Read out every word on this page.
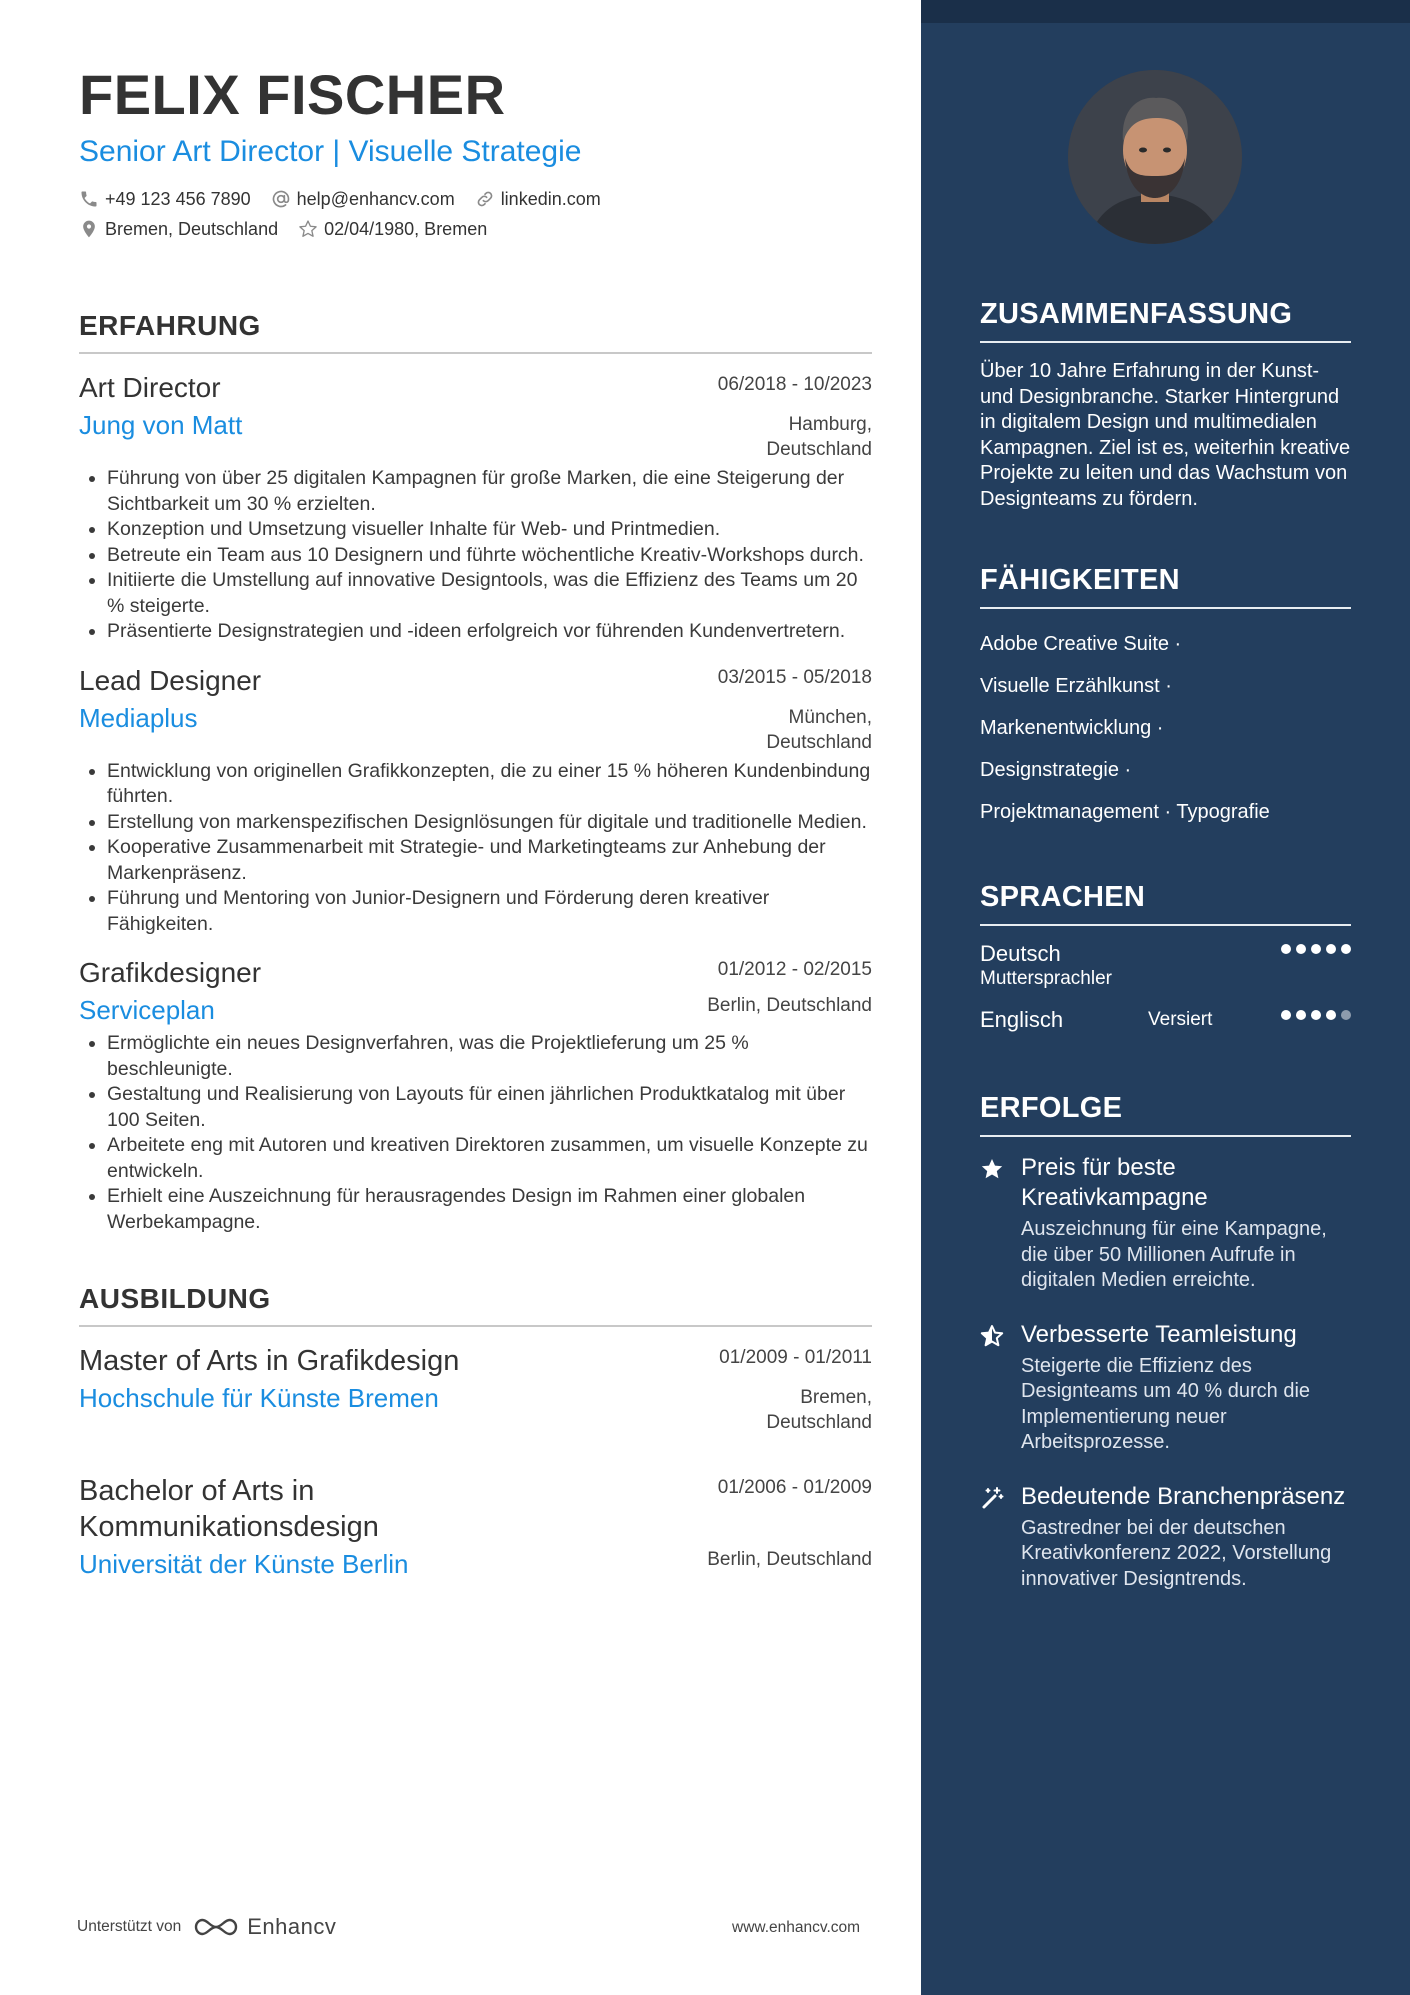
ZUSAMMENFASSUNG
Über 10 Jahre Erfahrung in der Kunst- und Designbranche. Starker Hintergrund in digitalem Design und multimedialen Kampagnen. Ziel ist es, weiterhin kreative Projekte zu leiten und das Wachstum von Designteams zu fördern.
FÄHIGKEITEN
Adobe Creative Suite ·
Visuelle Erzählkunst ·
Markenentwicklung ·
Designstrategie ·
Projektmanagement · Typografie
SPRACHEN
Deutsch
Muttersprachler
Englisch	Versiert
ERFOLGE
Preis für beste Kreativkampagne
Auszeichnung für eine Kampagne, die über 50 Millionen Aufrufe in digitalen Medien erreichte.
Verbesserte Teamleistung
Steigerte die Effizienz des Designteams um 40 % durch die Implementierung neuer Arbeitsprozesse.
Bedeutende Branchenpräsenz
Gastredner bei der deutschen Kreativkonferenz 2022, Vorstellung innovativer Designtrends.
FELIX FISCHER
Senior Art Director | Visuelle Strategie
+49 123 456 7890	help@enhancv.com	linkedin.com
Bremen, Deutschland	02/04/1980, Bremen
ERFAHRUNG
Art Director	06/2018 - 10/2023
Jung von Matt	Hamburg,
Deutschland
• Führung von über 25 digitalen Kampagnen für große Marken, die eine Steigerung der Sichtbarkeit um 30 % erzielten.
• Konzeption und Umsetzung visueller Inhalte für Web- und Printmedien.
• Betreute ein Team aus 10 Designern und führte wöchentliche Kreativ-Workshops durch.
• Initiierte die Umstellung auf innovative Designtools, was die Effizienz des Teams um 20 % steigerte.
• Präsentierte Designstrategien und -ideen erfolgreich vor führenden Kundenvertretern.
Lead Designer	03/2015 - 05/2018
Mediaplus	München,
Deutschland
• Entwicklung von originellen Grafikkonzepten, die zu einer 15 % höheren Kundenbindung führten.
• Erstellung von markenspezifischen Designlösungen für digitale und traditionelle Medien.
• Kooperative Zusammenarbeit mit Strategie- und Marketingteams zur Anhebung der Markenpräsenz.
• Führung und Mentoring von Junior-Designern und Förderung deren kreativer Fähigkeiten.
Grafikdesigner	01/2012 - 02/2015
Serviceplan	Berlin, Deutschland
• Ermöglichte ein neues Designverfahren, was die Projektlieferung um 25 % beschleunigte.
• Gestaltung und Realisierung von Layouts für einen jährlichen Produktkatalog mit über 100 Seiten.
• Arbeitete eng mit Autoren und kreativen Direktoren zusammen, um visuelle Konzepte zu entwickeln.
• Erhielt eine Auszeichnung für herausragendes Design im Rahmen einer globalen Werbekampagne.
AUSBILDUNG
Master of Arts in Grafikdesign	01/2009 - 01/2011
Hochschule für Künste Bremen	Bremen,
Deutschland
Bachelor of Arts in Kommunikationsdesign
01/2006 - 01/2009
Universität der Künste Berlin	Berlin, Deutschland
Unterstützt von	Enhancv	www.enhancv.com
